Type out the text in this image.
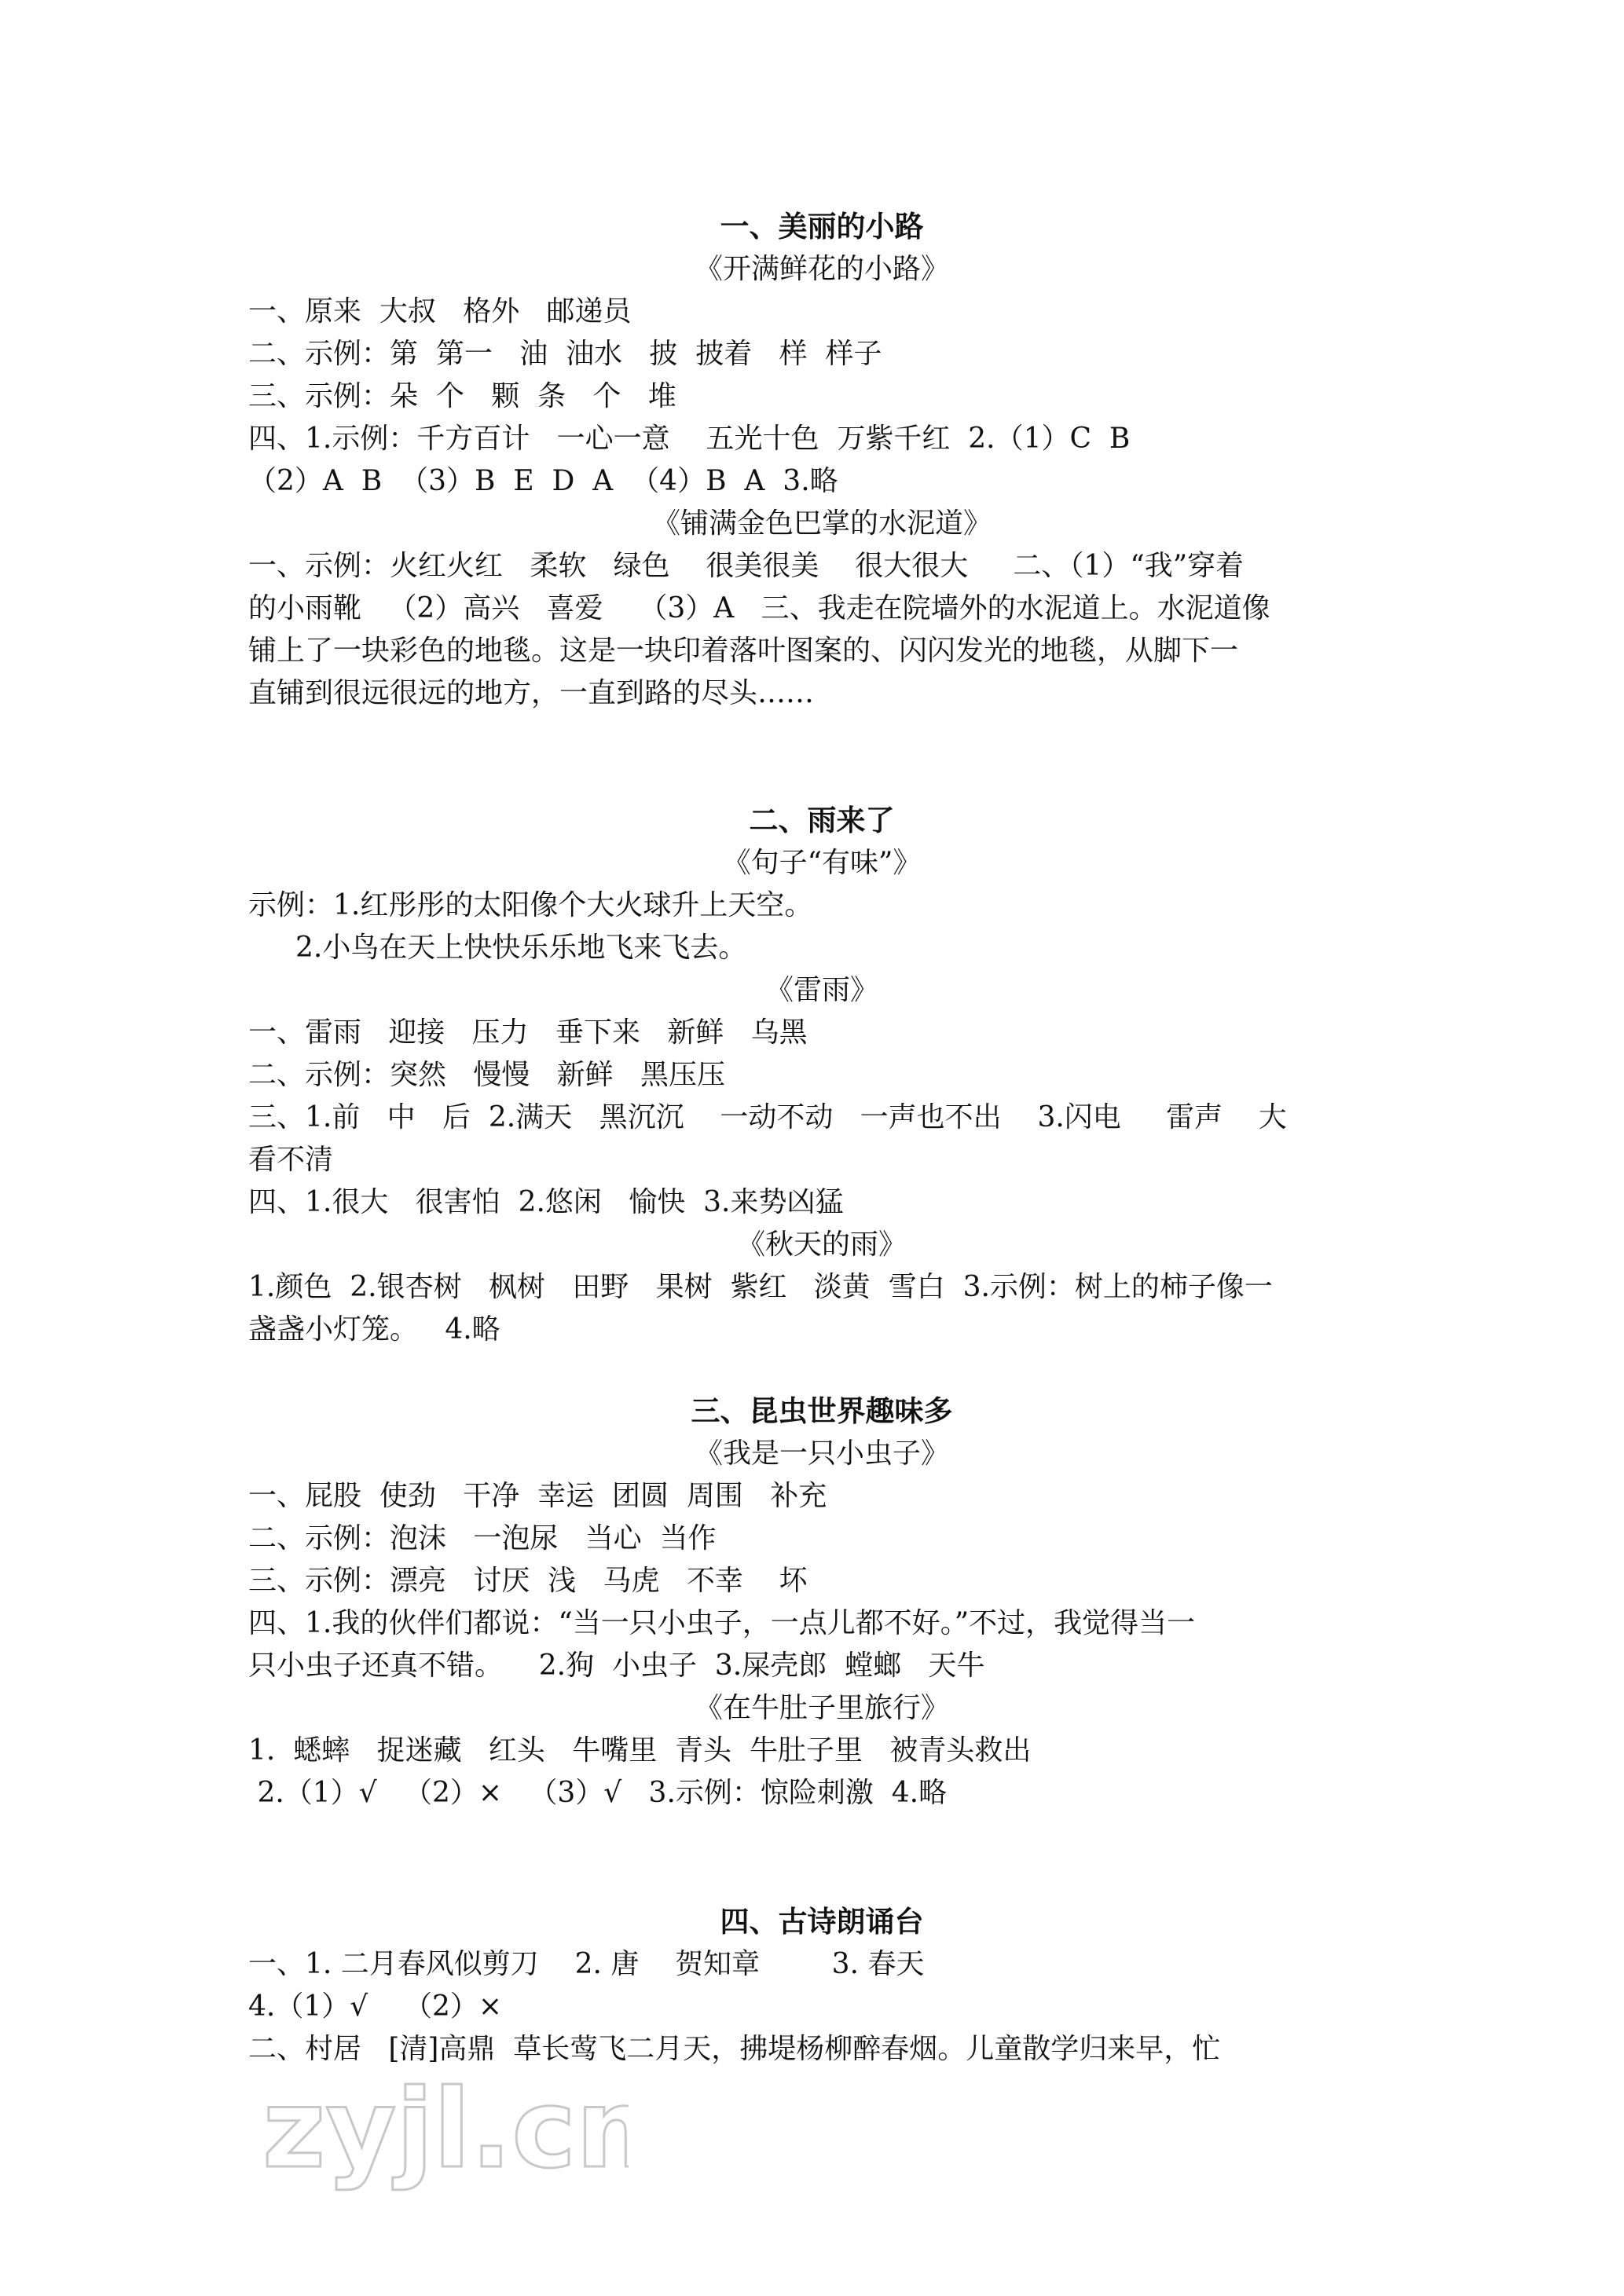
一、美丽的小路
《开满鲜花的小路》
一、原来  大叔   格外   邮递员
二、示例：第  第一   油  油水   披  披着   样  样子
三、示例：朵  个   颗  条   个   堆
四、1.示例：千方百计   一心一意    五光十色  万紫千红  2.（1）C  B
（2）A  B  （3）B  E  D  A  （4）B  A  3.略
《铺满金色巴掌的水泥道》
一、示例：火红火红   柔软   绿色    很美很美    很大很大     二、（1）“我”穿着
的小雨靴   （2）高兴   喜爱    （3）A   三、我走在院墙外的水泥道上。水泥道像
铺上了一块彩色的地毯。这是一块印着落叶图案的、闪闪发光的地毯，从脚下一
直铺到很远很远的地方，一直到路的尽头……
二、雨来了
《句子“有味”》
示例：1.红彤彤的太阳像个大火球升上天空。
2.小鸟在天上快快乐乐地飞来飞去。
《雷雨》
一、雷雨   迎接   压力   垂下来   新鲜   乌黑
二、示例：突然   慢慢   新鲜   黑压压
三、1.前   中   后  2.满天   黑沉沉    一动不动   一声也不出    3.闪电     雷声    大
看不清
四、1.很大   很害怕  2.悠闲   愉快  3.来势凶猛
《秋天的雨》
1.颜色  2.银杏树   枫树   田野   果树  紫红   淡黄  雪白  3.示例：树上的柿子像一
盏盏小灯笼。   4.略
三、昆虫世界趣味多
《我是一只小虫子》
一、屁股  使劲   干净  幸运  团圆  周围   补充
二、示例：泡沫   一泡尿   当心  当作
三、示例：漂亮   讨厌  浅   马虎   不幸    坏
四、1.我的伙伴们都说：“当一只小虫子，一点儿都不好。”不过，我觉得当一
只小虫子还真不错。    2.狗  小虫子  3.屎壳郎  螳螂   天牛
《在牛肚子里旅行》
1.  蟋蟀   捉迷藏   红头   牛嘴里  青头  牛肚子里   被青头救出
2.（1）√   （2）×   （3）√   3.示例：惊险刺激  4.略
四、古诗朗诵台
一、1. 二月春风似剪刀    2. 唐    贺知章        3. 春天
4.（1）√    （2）×
二、村居   [清]高鼎  草长莺飞二月天，拂堤杨柳醉春烟。儿童散学归来早，忙
zyjl.cn
